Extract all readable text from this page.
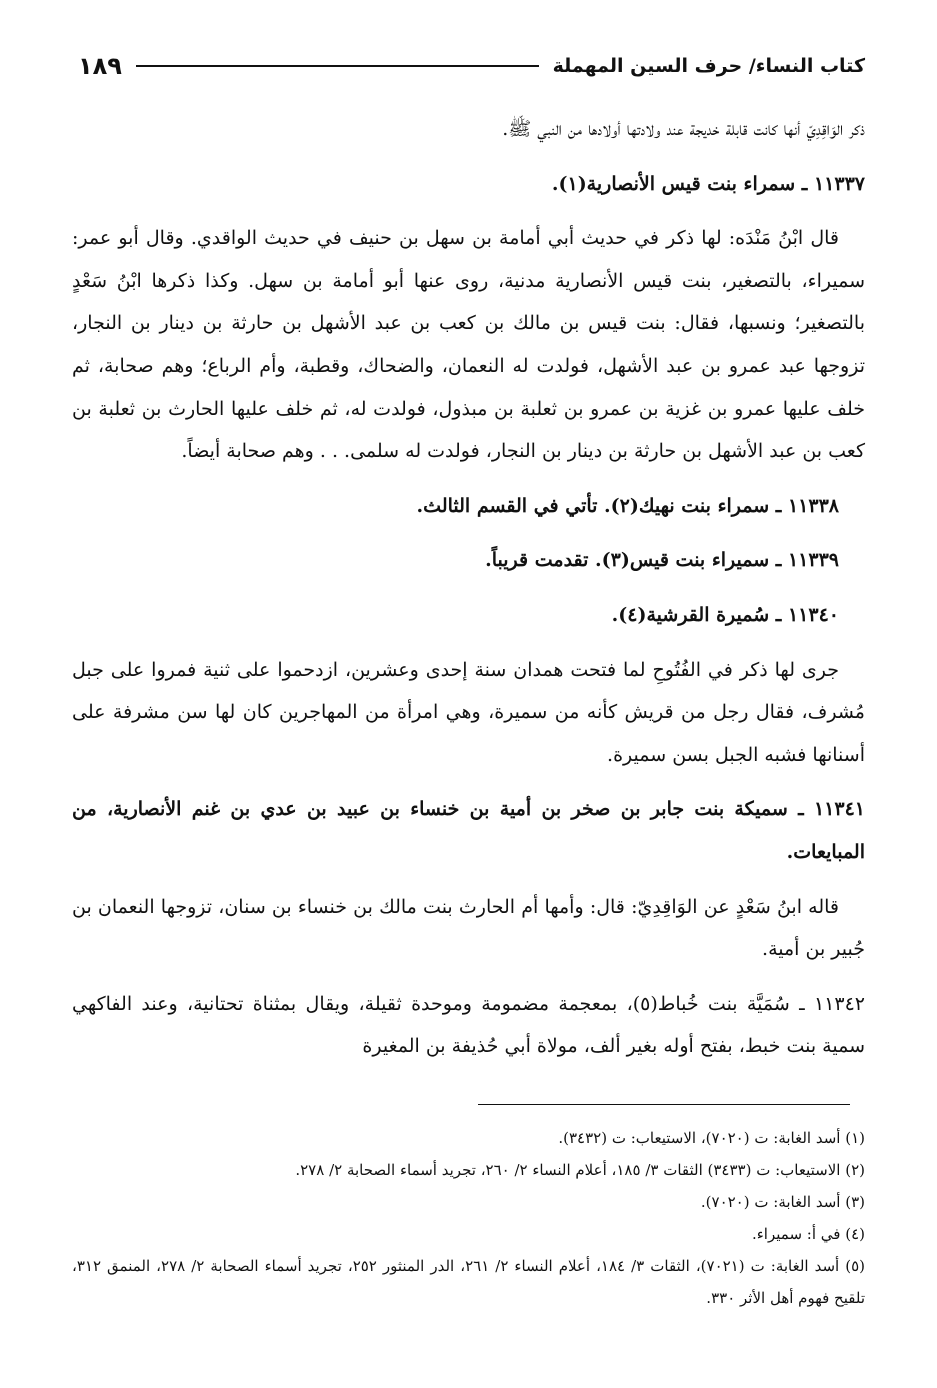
كتاب النساء/ حرف السين المهملة
١٨٩

ذكر الوَاقِدِيّ أنها كانت قابلة خديجة عند ولادتها أولادها من النبي ﷺ.

١١٣٣٧ ـ سمراء بنت قيس الأنصارية(١).

قال ابْنُ مَنْدَه: لها ذكر في حديث أبي أمامة بن سهل بن حنيف في حديث الواقدي. وقال أبو عمر: سميراء، بالتصغير، بنت قيس الأنصارية مدنية، روى عنها أبو أمامة بن سهل. وكذا ذكرها ابْنُ سَعْدٍ بالتصغير؛ ونسبها، فقال: بنت قيس بن مالك بن كعب بن عبد الأشهل بن حارثة بن دينار بن النجار، تزوجها عبد عمرو بن عبد الأشهل، فولدت له النعمان، والضحاك، وقطبة، وأم الرباع؛ وهم صحابة، ثم خلف عليها عمرو بن غزية بن عمرو بن ثعلبة بن مبذول، فولدت له، ثم خلف عليها الحارث بن ثعلبة بن كعب بن عبد الأشهل بن حارثة بن دينار بن النجار، فولدت له سلمى. . . وهم صحابة أيضاً.

١١٣٣٨ ـ سمراء بنت نهيك(٢). تأتي في القسم الثالث.

١١٣٣٩ ـ سميراء بنت قيس(٣). تقدمت قريباً.

١١٣٤٠ ـ سُميرة القرشية(٤).

جرى لها ذكر في الفُتُوحِ لما فتحت همدان سنة إحدى وعشرين، ازدحموا على ثنية فمروا على جبل مُشرف، فقال رجل من قريش كأنه من سميرة، وهي امرأة من المهاجرين كان لها سن مشرفة على أسنانها فشبه الجبل بسن سميرة.

١١٣٤١ ـ سميكة بنت جابر بن صخر بن أمية بن خنساء بن عبيد بن عدي بن غنم الأنصارية، من المبايعات.

قاله ابنُ سَعْدٍ عن الوَاقِدِيّ: قال: وأمها أم الحارث بنت مالك بن خنساء بن سنان، تزوجها النعمان بن جُبير بن أمية.

١١٣٤٢ ـ سُمَيَّة بنت خُباط(٥)، بمعجمة مضمومة وموحدة ثقيلة، ويقال بمثناة تحتانية، وعند الفاكهي سمية بنت خبط، بفتح أوله بغير ألف، مولاة أبي حُذيفة بن المغيرة

(١) أسد الغابة: ت (٧٠٢٠)، الاستيعاب: ت (٣٤٣٢).

(٢) الاستيعاب: ت (٣٤٣٣) الثقات ٣/ ١٨٥، أعلام النساء ٢/ ٢٦٠، تجريد أسماء الصحابة ٢/ ٢٧٨.

(٣) أسد الغابة: ت (٧٠٢٠).

(٤) في أ: سميراء.

(٥) أسد الغابة: ت (٧٠٢١)، الثقات ٣/ ١٨٤، أعلام النساء ٢/ ٢٦١، الدر المنثور ٢٥٢، تجريد أسماء الصحابة ٢/ ٢٧٨، المنمق ٣١٢، تلقيح فهوم أهل الأثر ٣٣٠.
